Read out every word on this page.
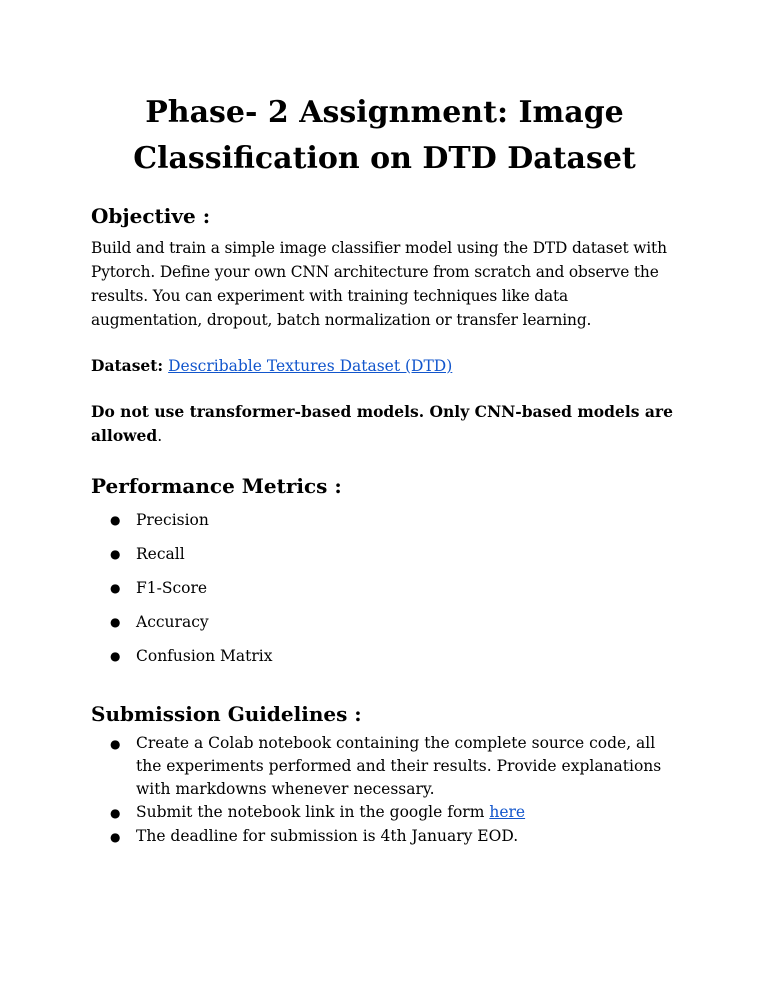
Phase- 2 Assignment: Image
Classification on DTD Dataset
Objective :

Build and train a simple image classifier model using the DTD dataset with Pytorch. Define your own CNN architecture from scratch and observe the results. You can experiment with training techniques like data augmentation, dropout, batch normalization or transfer learning.

Dataset: Describable Textures Dataset (DTD)

Do not use transformer-based models. Only CNN-based models are allowed.

Performance Metrics :
●	Precision
●	Recall
●	F1-Score
●	Accuracy
●	Confusion Matrix
Submission Guidelines :
●	Create a Colab notebook containing the complete source code, all the experiments performed and their results. Provide explanations with markdowns whenever necessary.
●	Submit the notebook link in the google form here
●	The deadline for submission is 4th January EOD.
